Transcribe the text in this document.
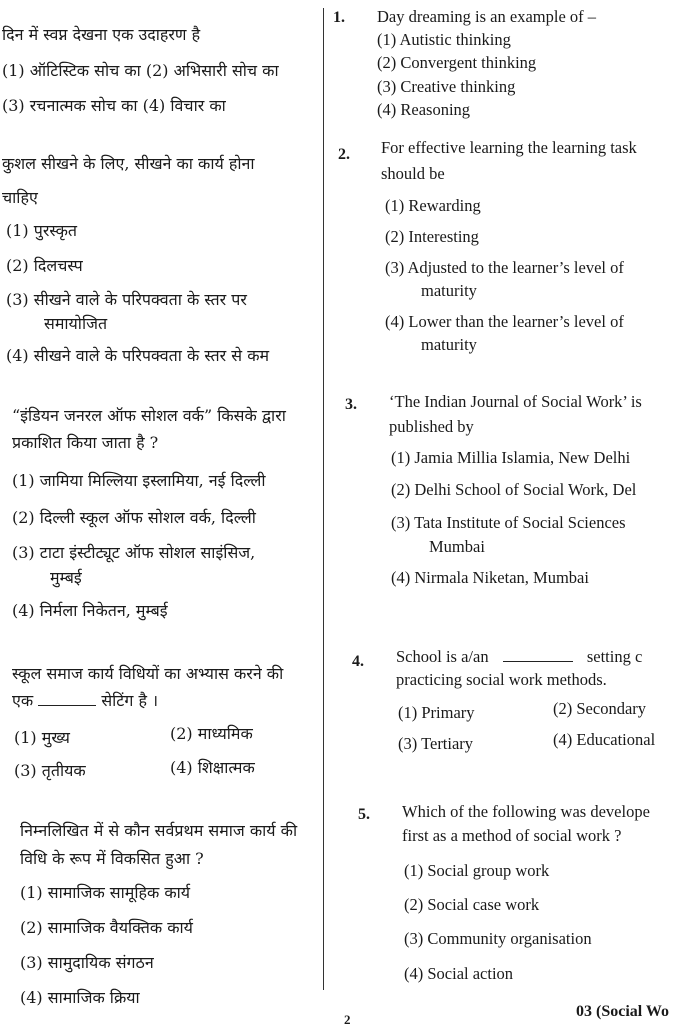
दिन में स्वप्न देखना एक उदाहरण है
(1) ऑटिस्टिक सोच का (2) अभिसारी सोच का
(3) रचनात्मक सोच का (4) विचार का
कुशल सीखने के लिए, सीखने का कार्य होना
चाहिए
(1) पुरस्कृत
(2) दिलचस्प
(3) सीखने वाले के परिपक्वता के स्तर पर
समायोजित
(4) सीखने वाले के परिपक्वता के स्तर से कम
“इंडियन जनरल ऑफ सोशल वर्क” किसके द्वारा
प्रकाशित किया जाता है ?
(1) जामिया मिल्लिया इस्लामिया, नई दिल्ली
(2) दिल्ली स्कूल ऑफ सोशल वर्क, दिल्ली
(3) टाटा इंस्टीट्यूट ऑफ सोशल साइंसिज,
मुम्बई
(4) निर्मला निकेतन, मुम्बई
स्कूल समाज कार्य विधियों का अभ्यास करने की
एक	सेटिंग है ।
(1) मुख्य	(2) माध्यमिक
(3) तृतीयक	(4) शिक्षात्मक
निम्नलिखित में से कौन सर्वप्रथम समाज कार्य की
विधि के रूप में विकसित हुआ ?
(1) सामाजिक सामूहिक कार्य
(2) सामाजिक वैयक्तिक कार्य
(3) सामुदायिक संगठन
(4) सामाजिक क्रिया
1. Day dreaming is an example of –
(1) Autistic thinking
(2) Convergent thinking
(3) Creative thinking
(4) Reasoning
2. For effective learning the learning task
should be
(1) Rewarding
(2) Interesting
(3) Adjusted to the learner’s level of
maturity
(4) Lower than the learner’s level of
maturity
3. ‘The Indian Journal of Social Work’ is
published by
(1) Jamia Millia Islamia, New Delhi
(2) Delhi School of Social Work, Del
(3) Tata Institute of Social Sciences
Mumbai
(4) Nirmala Niketan, Mumbai
4. School is a/an	setting c
practicing social work methods.
(1) Primary	(2) Secondary
(3) Tertiary	(4) Educational
5. Which of the following was develope
first as a method of social work ?
(1) Social group work
(2) Social case work
(3) Community organisation
(4) Social action
2	03 (Social Wo
